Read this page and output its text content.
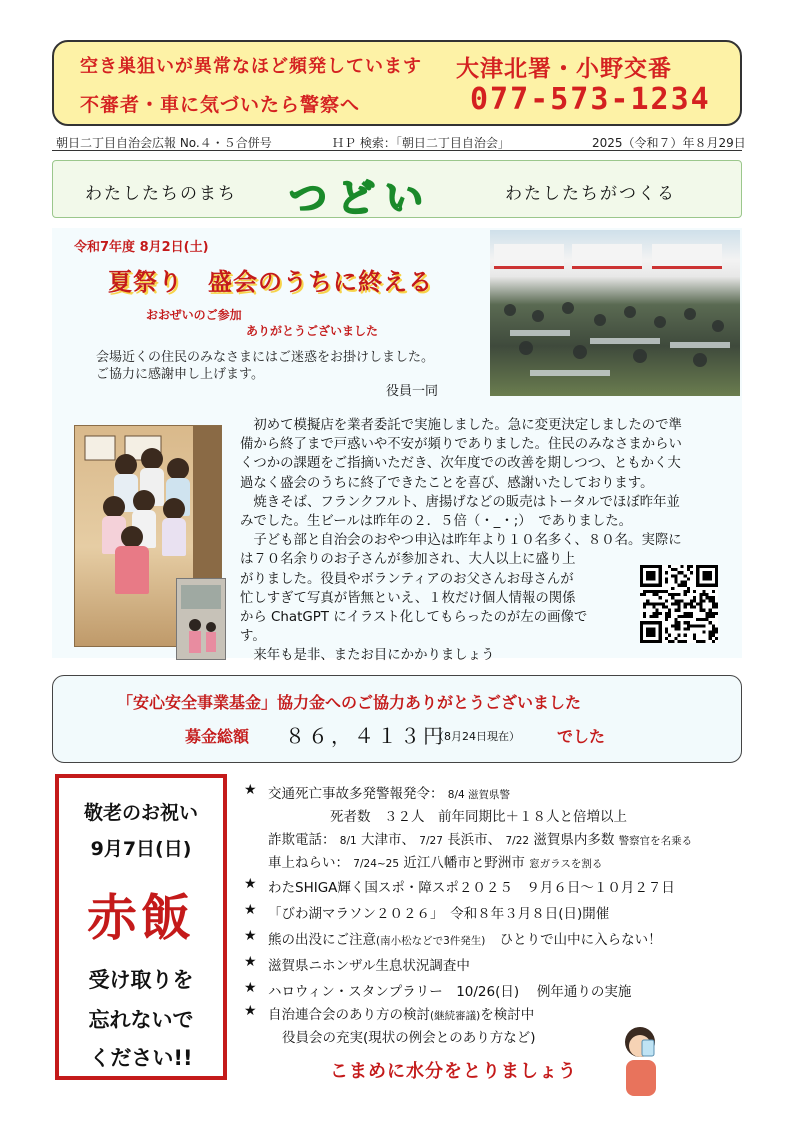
空き巣狙いが異常なほど頻発しています
不審者・車に気づいたら警察へ
大津北署・小野交番
077-573-1234
朝日二丁目自治会広報 No.４・５合併号	ＨＰ 検索：「朝日二丁目自治会」	2025（令和７）年８月29日
わたしたちのまち つどい	わたしたちがつくる
令和7年度 8月2日(土)
夏祭り　盛会のうちに終える
おおぜいのご参加
ありがとうございました
会場近くの住民のみなさまにはご迷惑をお掛けしました。
ご協力に感謝申し上げます。
役員一同
　初めて模擬店を業者委託で実施しました。急に変更決定しましたので準
備から終了まで戸惑いや不安が頻りでありました。住民のみなさまからい
くつかの課題をご指摘いただき、次年度での改善を期しつつ、ともかく大
過なく盛会のうちに終了できたことを喜び、感謝いたしております。
　焼きそば、フランクフルト、唐揚げなどの販売はトータルでほぼ昨年並
みでした。生ビールは昨年の２．５倍（・_・;）　でありました。
　子ども部と自治会のおやつ申込は昨年より１０名多く、８０名。実際に
は７０名余りのお子さんが参加され、大人以上に盛り上
がりました。役員やボランティアのお父さんお母さんが
忙しすぎて写真が皆無といえ、１枚だけ個人情報の関係
から ChatGPT にイラスト化してもらったのが左の画像で
す。
　来年も是非、またお目にかかりましょう
「安心安全事業基金」協力金へのご協力ありがとうございました
募金総額 ８６，４１３円
（8月24日現在） でした
敬老のお祝い
9月7日(日)
赤飯
受け取りを
忘れないで
ください!!
★ 交通死亡事故多発警報発令： 8/4 滋賀県警
死者数　３２人　前年同期比＋１８人と倍増以上
詐欺電話： 8/1 大津市、 7/27 長浜市、 7/22 滋賀県内多数 警察官を名乗る
車上ねらい： 7/24~25 近江八幡市と野洲市 窓ガラスを割る
★ わたSHIGA輝く国スポ・障スポ２０２５　９月６日～１０月２７日
★ 「びわ湖マラソン２０２６」　令和８年３月８日(日)開催
★ 熊の出没にご注意(南小松などで3件発生) ひとりで山中に入らない！
★ 滋賀県ニホンザル生息状況調査中
★ ハロウィン・スタンプラリー　10/26(日)　 例年通りの実施
★ 自治連合会のあり方の検討(継続審議)を検討中
役員会の充実(現状の例会とのあり方など)
こまめに水分をとりましょう
